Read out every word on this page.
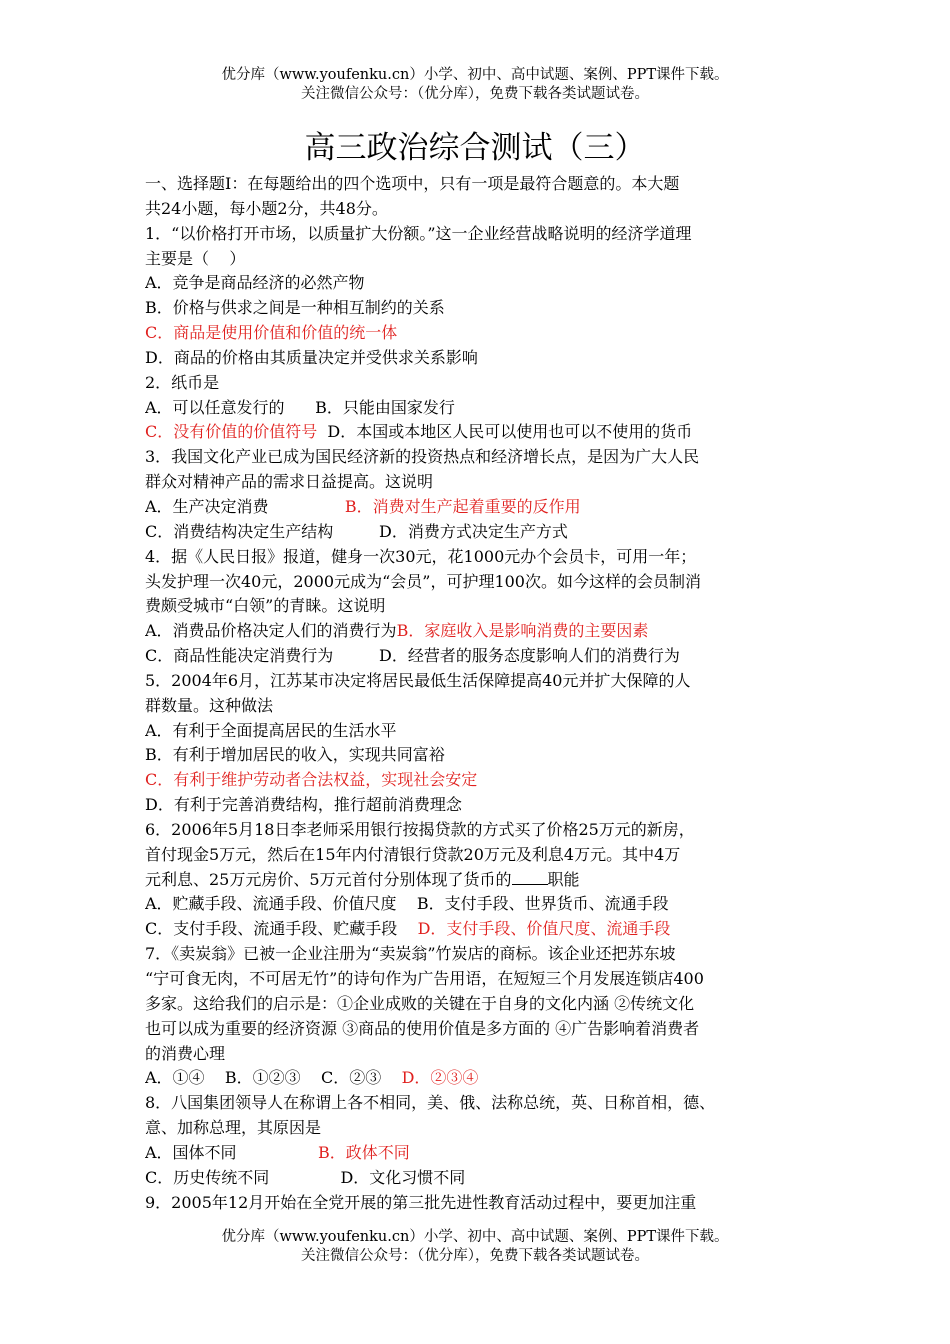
优分库（www.youfenku.cn）小学、初中、高中试题、案例、PPT课件下载。
关注微信公众号：（优分库），免费下载各类试题试卷。
高三政治综合测试（三）
一、选择题I：在每题给出的四个选项中，只有一项是最符合题意的。本大题
共24小题，每小题2分，共48分。
1．“以价格打开市场，以质量扩大份额。”这一企业经营战略说明的经济学道理
主要是（    ）
A．竞争是商品经济的必然产物
B．价格与供求之间是一种相互制约的关系
C．商品是使用价值和价值的统一体
D．商品的价格由其质量决定并受供求关系影响
2．纸币是
A．可以任意发行的      B．只能由国家发行
C．没有价值的价值符号  D．本国或本地区人民可以使用也可以不使用的货币
3．我国文化产业已成为国民经济新的投资热点和经济增长点，是因为广大人民
群众对精神产品的需求日益提高。这说明
A．生产决定消费               B．消费对生产起着重要的反作用
C．消费结构决定生产结构         D．消费方式决定生产方式
4．据《人民日报》报道，健身一次30元，花1000元办个会员卡，可用一年；
头发护理一次40元，2000元成为“会员”，可护理100次。如今这样的会员制消
费颇受城市“白领”的青睐。这说明
A．消费品价格决定人们的消费行为B．家庭收入是影响消费的主要因素
C．商品性能决定消费行为         D．经营者的服务态度影响人们的消费行为
5．2004年6月，江苏某市决定将居民最低生活保障提高40元并扩大保障的人
群数量。这种做法
A．有利于全面提高居民的生活水平
B．有利于增加居民的收入，实现共同富裕
C．有利于维护劳动者合法权益，实现社会安定
D．有利于完善消费结构，推行超前消费理念
6．2006年5月18日李老师采用银行按揭贷款的方式买了价格25万元的新房，
首付现金5万元，然后在15年内付清银行贷款20万元及利息4万元。其中4万
元利息、25万元房价、5万元首付分别体现了货币的 职能
A．贮藏手段、流通手段、价值尺度    B．支付手段、世界货币、流通手段
C．支付手段、流通手段、贮藏手段    D．支付手段、价值尺度、流通手段
7．《卖炭翁》已被一企业注册为“卖炭翁”竹炭店的商标。该企业还把苏东坡
“宁可食无肉，不可居无竹”的诗句作为广告用语，在短短三个月发展连锁店400
多家。这给我们的启示是：①企业成败的关键在于自身的文化内涵 ②传统文化
也可以成为重要的经济资源 ③商品的使用价值是多方面的 ④广告影响着消费者
的消费心理
A．①④    B．①②③    C．②③    D．②③④
8．八国集团领导人在称谓上各不相同，美、俄、法称总统，英、日称首相，德、
意、加称总理，其原因是
A．国体不同                B．政体不同
C．历史传统不同              D．文化习惯不同
9．2005年12月开始在全党开展的第三批先进性教育活动过程中，要更加注重
优分库（www.youfenku.cn）小学、初中、高中试题、案例、PPT课件下载。
关注微信公众号：（优分库），免费下载各类试题试卷。
